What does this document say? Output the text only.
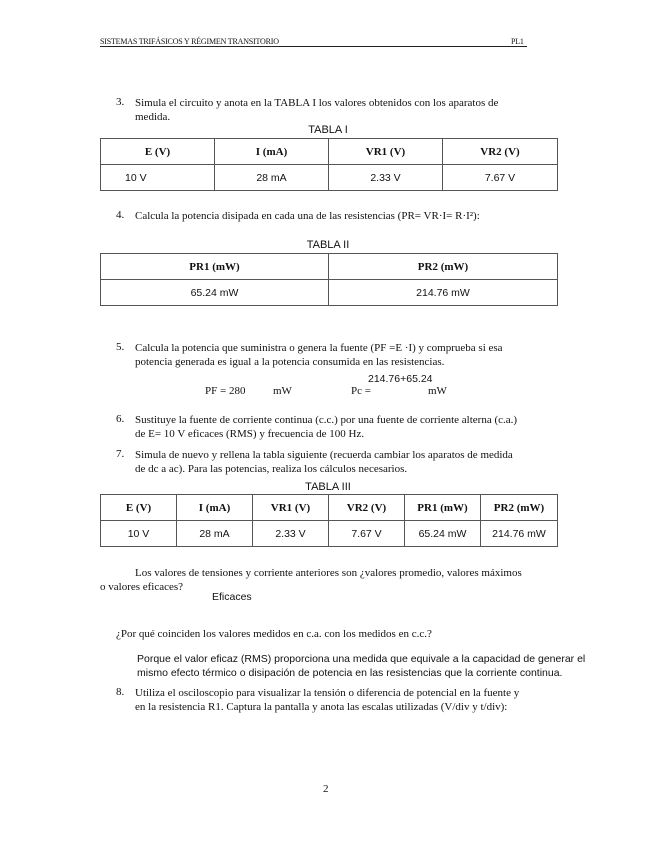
SISTEMAS TRIFÁSICOS Y RÉGIMEN TRANSITORIO	PL1
3. Simula el circuito y anota en la TABLA I los valores obtenidos con los aparatos de
medida.
TABLA I
E (V)	I (mA)	VR1 (V)	VR2 (V)
10 V	28 mA	2.33 V	7.67 V
4. Calcula la potencia disipada en cada una de las resistencias (PR= VR·I= R·I²):
TABLA II
PR1 (mW)	PR2 (mW)
65.24 mW	214.76 mW
5. Calcula la potencia que suministra o genera la fuente (PF =E ·I) y comprueba si esa
potencia generada es igual a la potencia consumida en las resistencias.
214.76+65.24
PF = 280	mW	Pc =	mW
6. Sustituye la fuente de corriente continua (c.c.) por una fuente de corriente alterna (c.a.)
de E= 10 V eficaces (RMS) y frecuencia de 100 Hz.
7. Simula de nuevo y rellena la tabla siguiente (recuerda cambiar los aparatos de medida
de dc a ac). Para las potencias, realiza los cálculos necesarios.
TABLA III
E (V)	I (mA)	VR1 (V)	VR2 (V)	PR1 (mW)	PR2 (mW)
10 V	28 mA	2.33 V	7.67 V	65.24 mW	214.76 mW
Los valores de tensiones y corriente anteriores son ¿valores promedio, valores máximos
o valores eficaces?
Eficaces
¿Por qué coinciden los valores medidos en c.a. con los medidos en c.c.?
Porque el valor eficaz (RMS) proporciona una medida que equivale a la capacidad de generar el
mismo efecto térmico o disipación de potencia en las resistencias que la corriente continua.
8. Utiliza el osciloscopio para visualizar la tensión o diferencia de potencial en la fuente y
en la resistencia R1. Captura la pantalla y anota las escalas utilizadas (V/div y t/div):
2
